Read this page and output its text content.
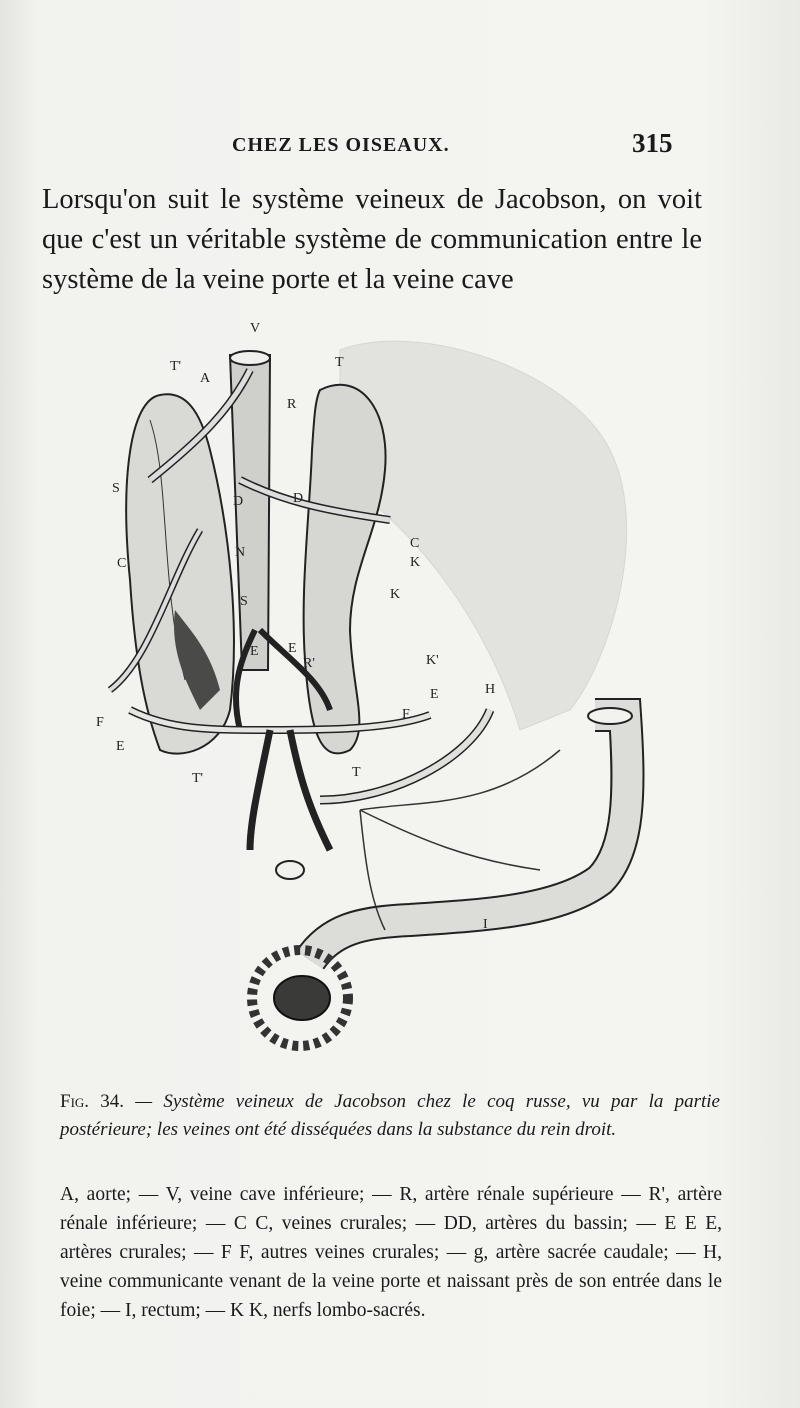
CHEZ LES OISEAUX.	315

Lorsqu'on suit le système veineux de Jacobson, on voit que c'est un véritable système de communication entre le système de la veine porte et la veine cave

V
T'
A
T
R
S
D	D
C
C
N
K
K
S
E E
R'	K'
E	H
F
F
E
T'	T
I
Fig. 34. — Système veineux de Jacobson chez le coq russe, vu par la partie postérieure; les veines ont été disséquées dans la substance du rein droit.

A, aorte; — V, veine cave inférieure; — R, artère rénale supérieure — R', artère rénale inférieure; — C C, veines crurales; — DD, artères du bassin; — E E E, artères crurales; — F F, autres veines crurales; — g, artère sacrée caudale; — H, veine communicante venant de la veine porte et naissant près de son entrée dans le foie; — I, rectum; — K K, nerfs lombo-sacrés.
